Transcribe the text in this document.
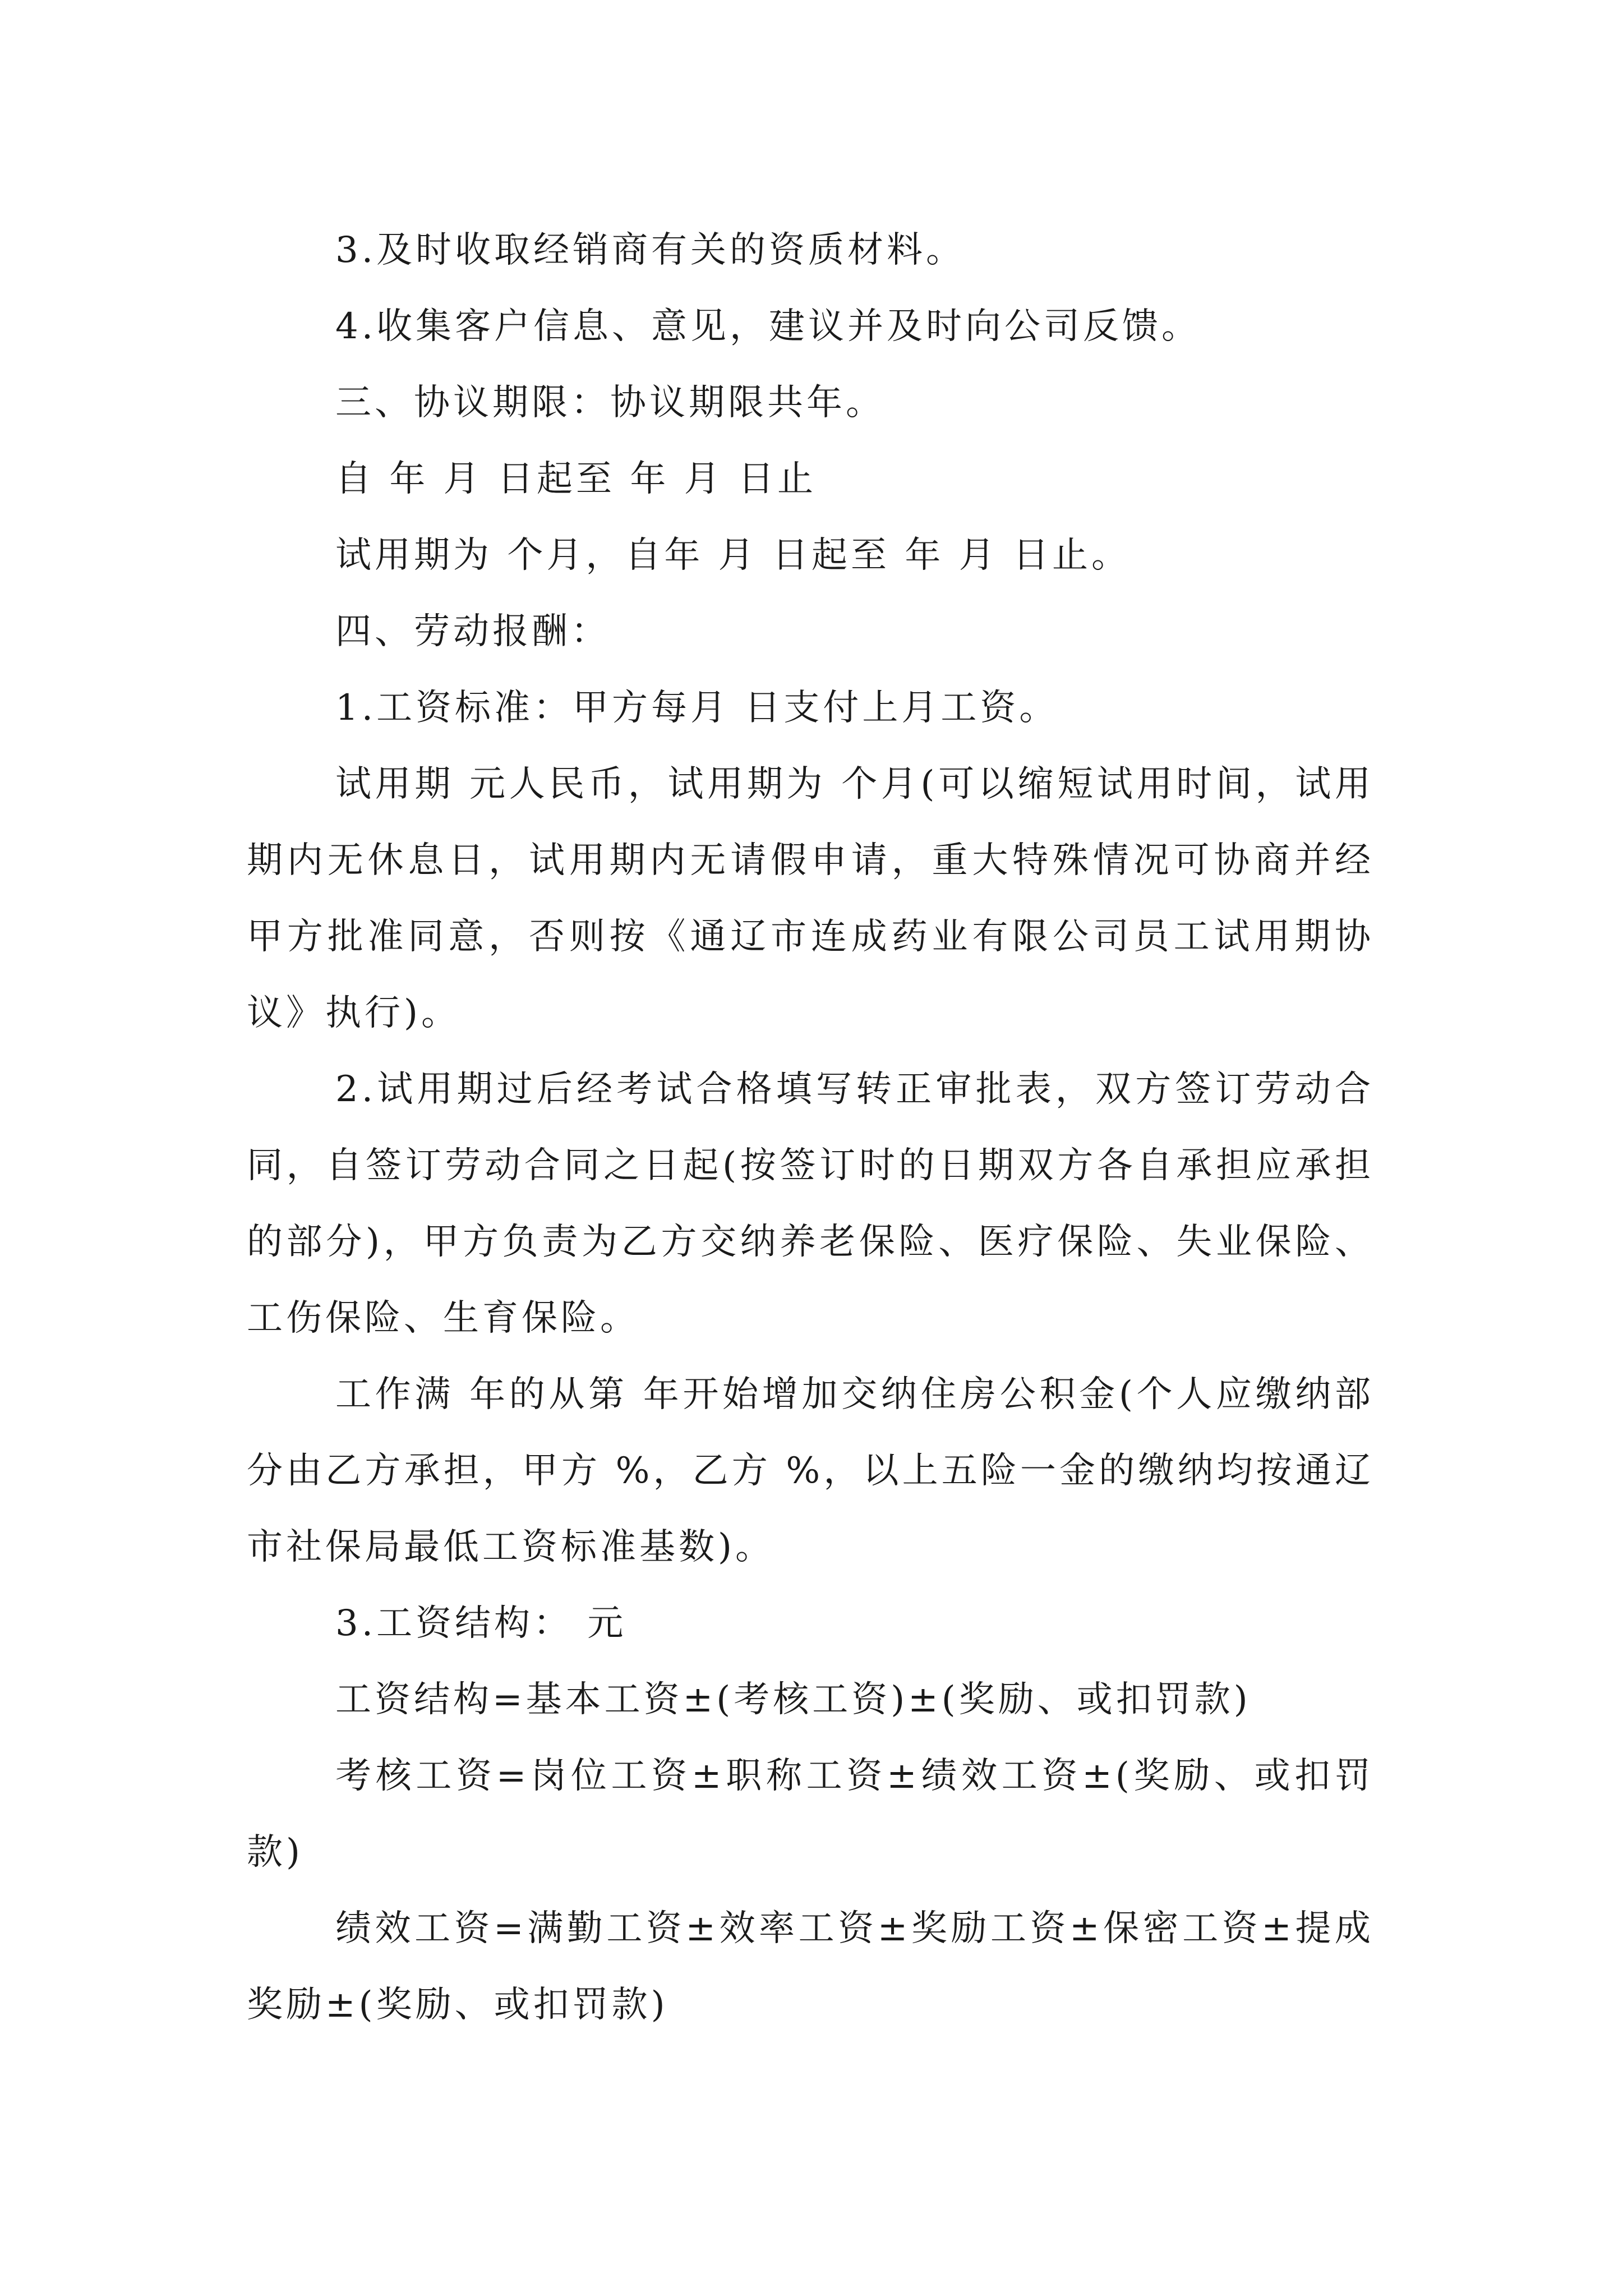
3.及时收取经销商有关的资质材料。

4.收集客户信息、意见，建议并及时向公司反馈。

三、协议期限：协议期限共年。

自 年 月 日起至 年 月 日止

试用期为 个月，自年 月 日起至 年 月 日止。

四、劳动报酬：

1.工资标准：甲方每月 日支付上月工资。

试用期 元人民币，试用期为 个月(可以缩短试用时间，试用期内无休息日，试用期内无请假申请，重大特殊情况可协商并经甲方批准同意，否则按《通辽市连成药业有限公司员工试用期协议》执行)。

2.试用期过后经考试合格填写转正审批表，双方签订劳动合同，自签订劳动合同之日起(按签订时的日期双方各自承担应承担的部分)，甲方负责为乙方交纳养老保险、医疗保险、失业保险、工伤保险、生育保险。

工作满 年的从第 年开始增加交纳住房公积金(个人应缴纳部分由乙方承担，甲方 %，乙方 %，以上五险一金的缴纳均按通辽市社保局最低工资标准基数)。

3.工资结构： 元

工资结构=基本工资±(考核工资)±(奖励、或扣罚款)

考核工资=岗位工资±职称工资±绩效工资±(奖励、或扣罚款)

绩效工资=满勤工资±效率工资±奖励工资±保密工资±提成奖励±(奖励、或扣罚款)
